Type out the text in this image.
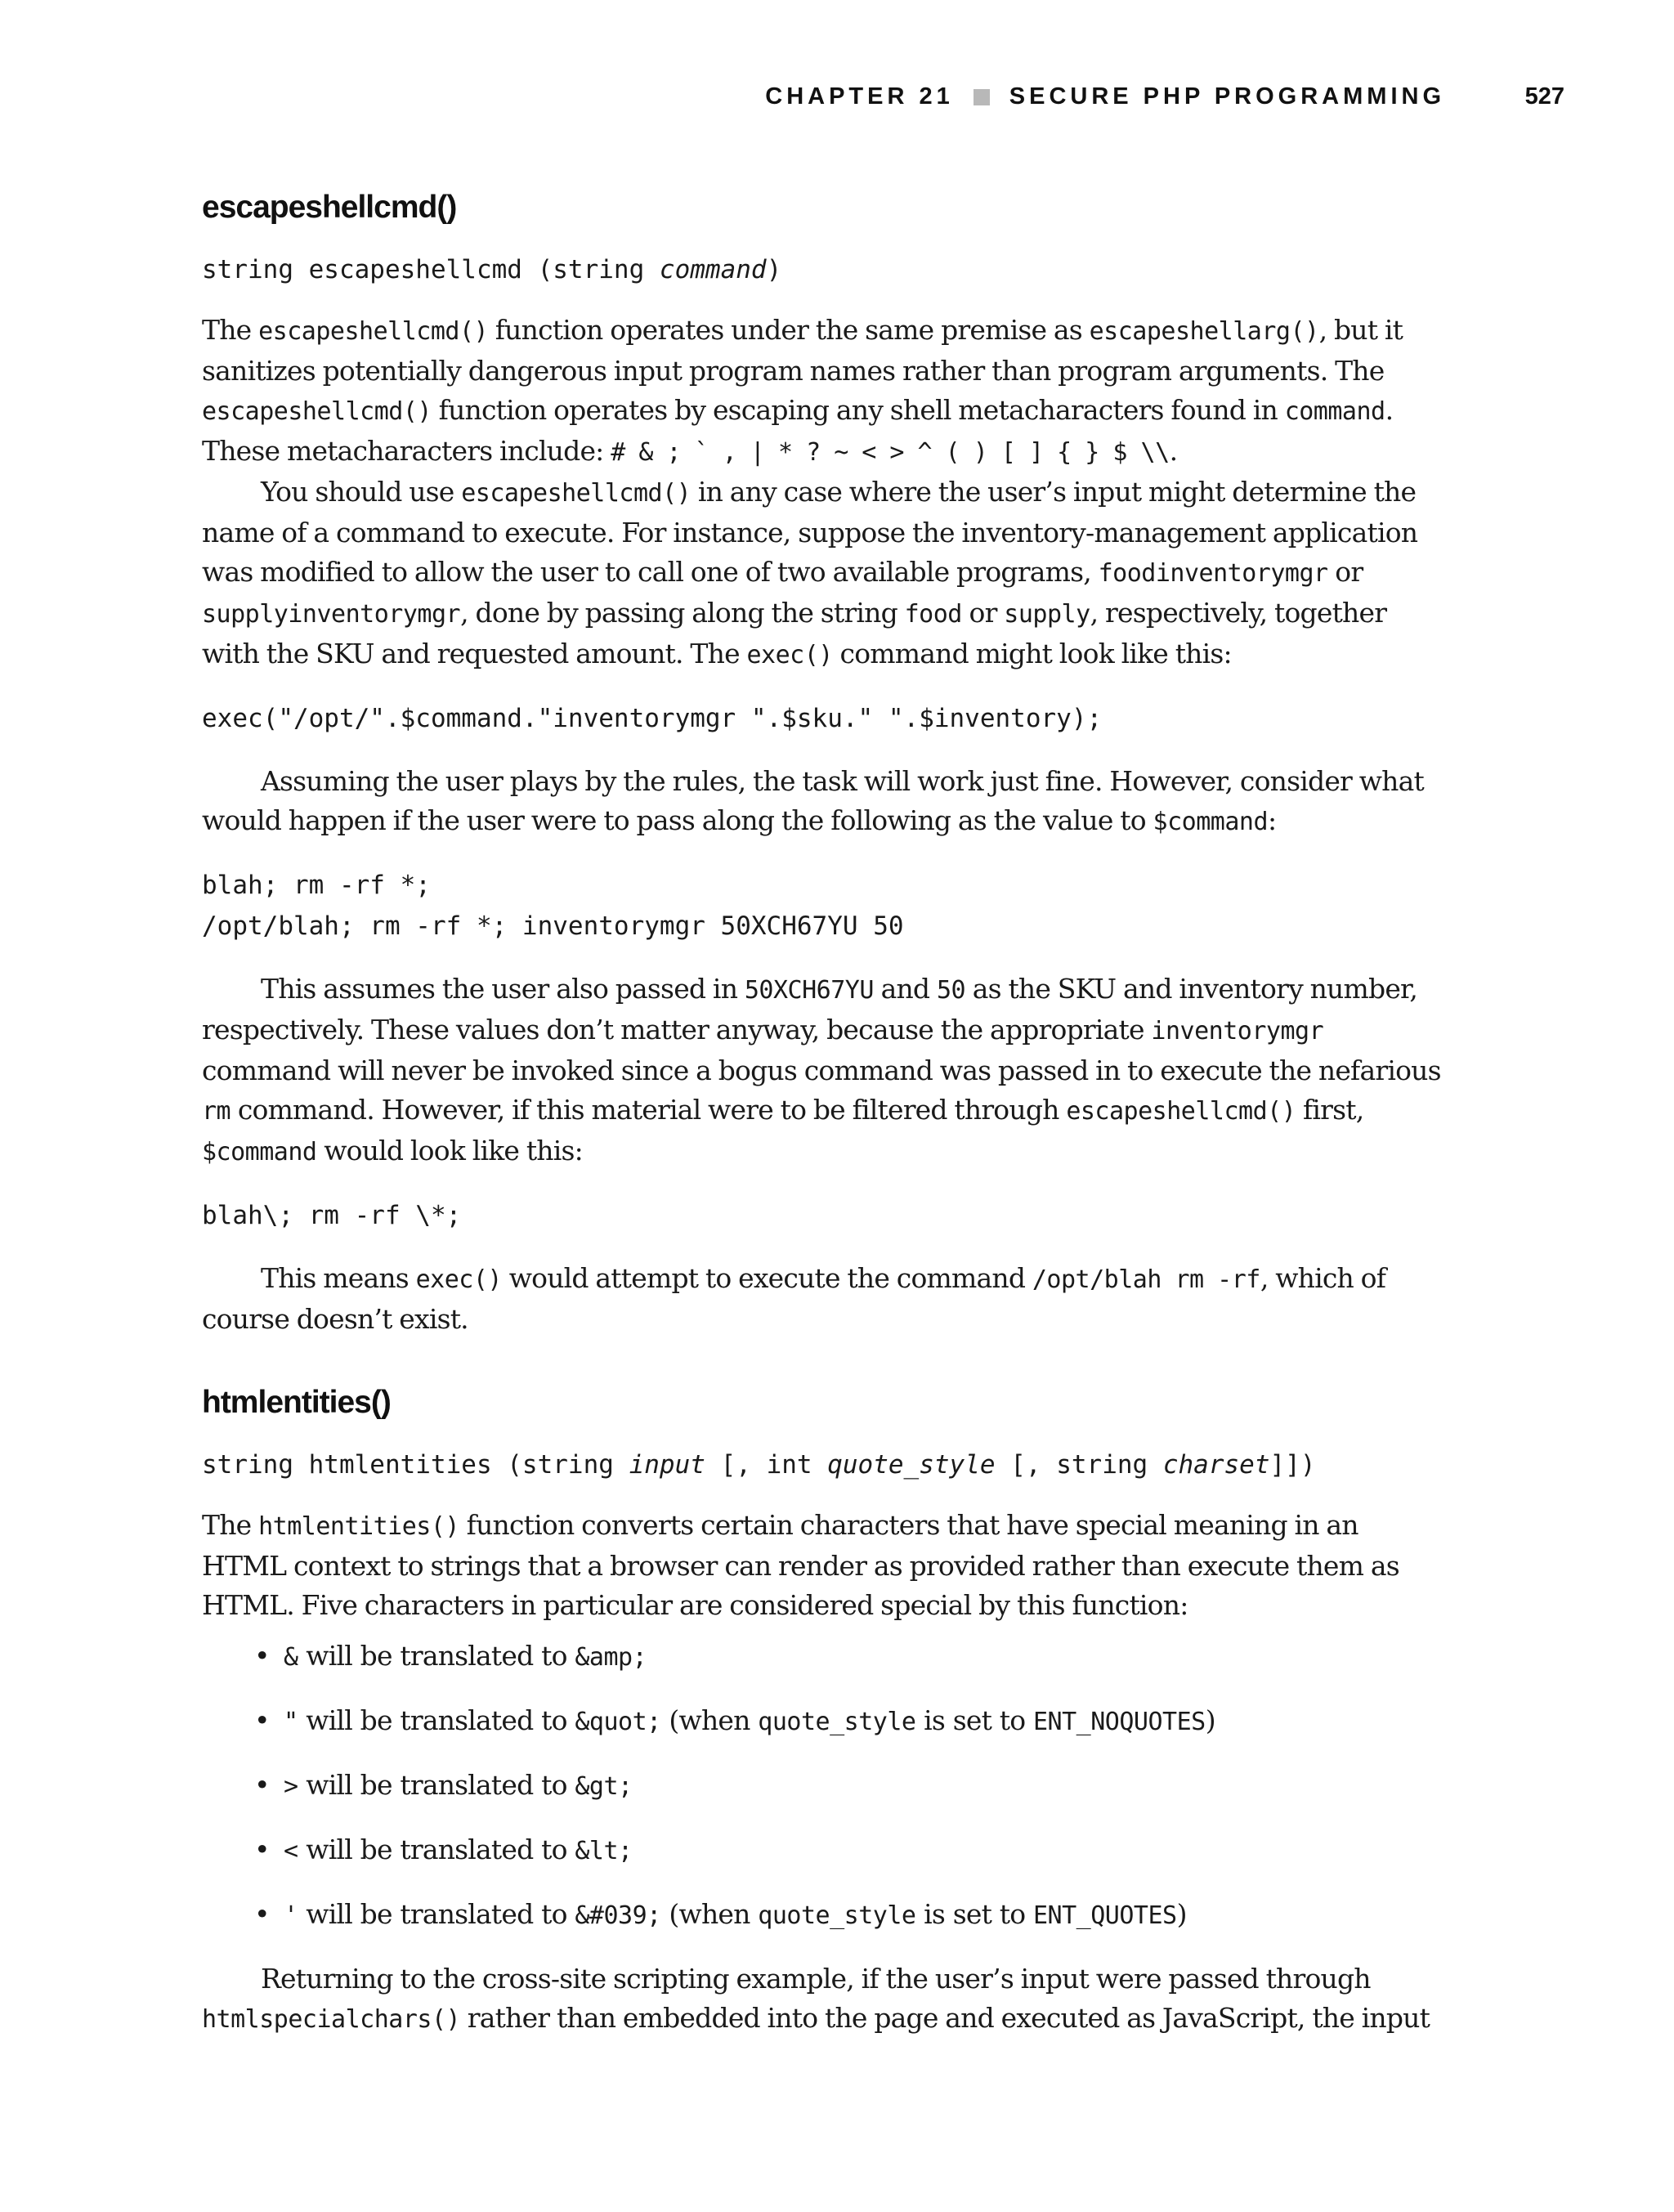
CHAPTER 21 SECURE PHP PROGRAMMING	527
escapeshellcmd()
string escapeshellcmd (string command)

The escapeshellcmd() function operates under the same premise as escapeshellarg(), but it sanitizes potentially dangerous input program names rather than program arguments. The escapeshellcmd() function operates by escaping any shell metacharacters found in command. These metacharacters include: # & ; ` , | * ? ~ < > ^ ( ) [ ] { } $ \\.

You should use escapeshellcmd() in any case where the user’s input might determine the name of a command to execute. For instance, suppose the inventory-management application was modified to allow the user to call one of two available programs, foodinventorymgr or supplyinventorymgr, done by passing along the string food or supply, respectively, together with the SKU and requested amount. The exec() command might look like this:

exec("/opt/".$command."inventorymgr ".$sku." ".$inventory);

Assuming the user plays by the rules, the task will work just fine. However, consider what would happen if the user were to pass along the following as the value to $command:

blah; rm -rf *;
/opt/blah; rm -rf *; inventorymgr 50XCH67YU 50

This assumes the user also passed in 50XCH67YU and 50 as the SKU and inventory number, respectively. These values don’t matter anyway, because the appropriate inventorymgr command will never be invoked since a bogus command was passed in to execute the nefarious rm command. However, if this material were to be filtered through escapeshellcmd() first, $command would look like this:

blah\; rm -rf \*;

This means exec() would attempt to execute the command /opt/blah rm -rf, which of course doesn’t exist.

htmlentities()
string htmlentities (string input [, int quote_style [, string charset]])

The htmlentities() function converts certain characters that have special meaning in an HTML context to strings that a browser can render as provided rather than execute them as HTML. Five characters in particular are considered special by this function:

• & will be translated to &amp;
• " will be translated to &quot; (when quote_style is set to ENT_NOQUOTES)
• > will be translated to &gt;
• < will be translated to &lt;
• ' will be translated to &#039; (when quote_style is set to ENT_QUOTES)

Returning to the cross-site scripting example, if the user’s input were passed through htmlspecialchars() rather than embedded into the page and executed as JavaScript, the input
